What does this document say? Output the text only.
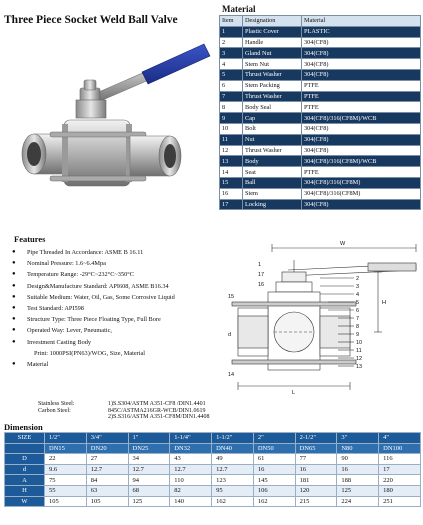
Three Piece Socket Weld Ball Valve
Material
Item	Designation	Material
1	Plastic Cover	PLASTIC
2	Handle	304(CF8)
3	Gland Nut	304(CF8)
4	Stem Nut	304(CF8)
5	Thrust Washer	304(CF8)
6	Stem Packing	PTFE
7	Thrust Washer	PTFE
8	Body Seal	PTFE
9	Cap	304(CF8)/316(CF8M)/WCB
10	Bolt	304(CF8)
11	Nut	304(CF8)
12	Thrust Washer	304(CF8)
13	Body	304(CF8)/316(CF8M)/WCB
14	Seat	PTFE
15	Ball	304(CF8)/316(CF8M)
16	Stem	304(CF8)/316(CF8M)
17	Locking	304(CF8)
Features
● Pipe Threaded In Accordance: ASME B 16.11
● Nominal Pressure: 1.6~6.4Mpa
● Temperature Range: -29°C~232°C~350°C
● Design&Manufacture Standard: API608, ASME B16.34
● Suitable Medium: Water, Oil, Gas, Some Corrosive Liquid
● Test Standard: API598
● Structure Type: Three Piece Floating Type, Full Bore
● Operated Way: Lever, Pneumatic,
● Investment Casting Body
Print: 1000PSI(PN63)/WOG, Size, Material
● Material
Stainless Steel:	1)S.S304/ASTM A351-CF8 /DIN1.4401
2)S.S316/ASTM A351-CF8M/DIN1.4408
W
H
L
d
2
3
4
5
6
7
8
9
10
11
12
13
1
17
16
15
14
Dimension
SIZE	1/2"	3/4"	1"	1-1/4"	1-1/2"	2"	2-1/2"	3"	4"
	DN15	DN20	DN25	DN32	DN40	DN50	DN65	N80	DN100
D	22	27	34	43	49	61	77	90	116
d	9.6	12.7	12.7	12.7	12.7	16	16	16	17
A	75	84	94	110	123	145	181	188	220
H	55	63	68	82	95	106	120	125	180
W	105	105	125	140	162	162	215	224	251
Carbon Steel:	845C/ASTMA216GR-WCB/DIN1.0619
